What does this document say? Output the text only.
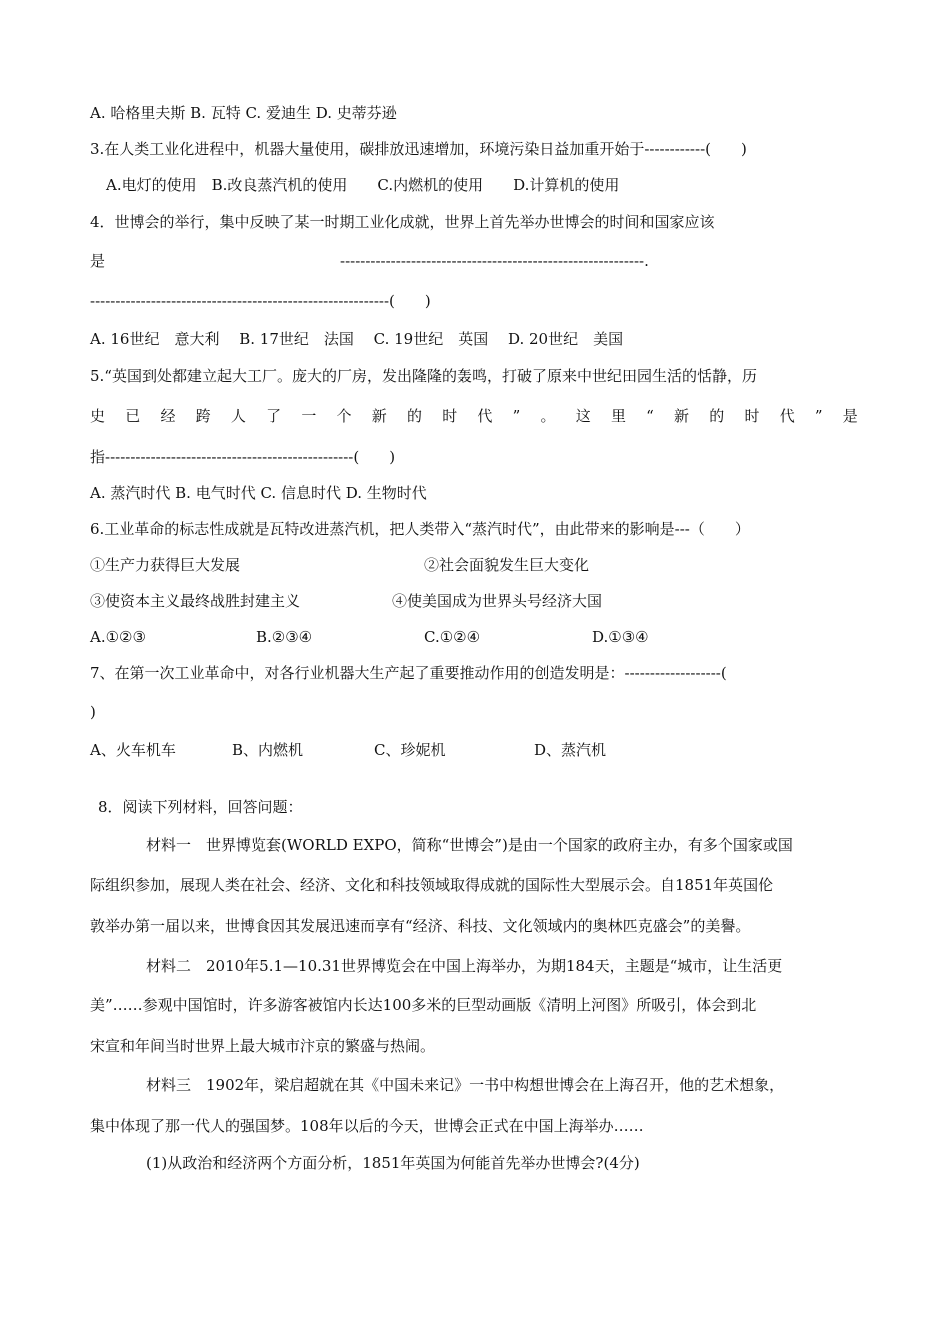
A. 哈格里夫斯 B. 瓦特 C. 爱迪生 D. 史蒂芬逊
3.在人类工业化进程中，机器大量使用，碳排放迅速增加，环境污染日益加重开始于------------(　　)
A.电灯的使用　B.改良蒸汽机的使用　　C.内燃机的使用　　D.计算机的使用
4．世博会的举行，集中反映了某一时期工业化成就，世界上首先举办世博会的时间和国家应该
是	------------------------------------------------------------.
-----------------------------------------------------------(　　)
A. 16世纪　意大利　 B. 17世纪　法国　 C. 19世纪　英国　 D. 20世纪　美国
5.“英国到处都建立起大工厂。庞大的厂房，发出隆隆的轰鸣，打破了原来中世纪田园生活的恬静，历
史 已 经 跨 人 了 一 个 新 的 时 代 ” 。 这 里 “ 新 的 时 代 ” 是
指-------------------------------------------------(　　)
A. 蒸汽时代 B. 电气时代 C. 信息时代 D. 生物时代
6.工业革命的标志性成就是瓦特改进蒸汽机，把人类带入“蒸汽时代”，由此带来的影响是---（　　）
①生产力获得巨大发展	②社会面貌发生巨大变化
③使资本主义最终战胜封建主义	④使美国成为世界头号经济大国
A.①②③	B.②③④	C.①②④	D.①③④
7、在第一次工业革命中，对各行业机器大生产起了重要推动作用的创造发明是：-------------------(
)
A、火车机车	B、内燃机	C、珍妮机	D、蒸汽机
8．阅读下列材料，回答问题：
材料一　世界博览套(WORLD EXPO，简称“世博会”)是由一个国家的政府主办，有多个国家或国
际组织参加，展现人类在社会、经济、文化和科技领域取得成就的国际性大型展示会。自1851年英国伦
敦举办第一届以来，世博食因其发展迅速而享有“经济、科技、文化领域内的奥林匹克盛会”的美譽。
材料二　2010年5.1—10.31世界博览会在中国上海举办，为期184天，主题是“城市，让生活更
美”……参观中国馆时，许多游客被馆内长达100多米的巨型动画版《清明上河图》所吸引，体会到北
宋宣和年间当时世界上最大城市汴京的繁盛与热闹。
材料三　1902年，梁启超就在其《中国未来记》一书中构想世博会在上海召开，他的艺术想象，
集中体现了那一代人的强国梦。108年以后的今天，世博会正式在中国上海举办……
(1)从政治和经济两个方面分析，1851年英国为何能首先举办世博会?(4分)
